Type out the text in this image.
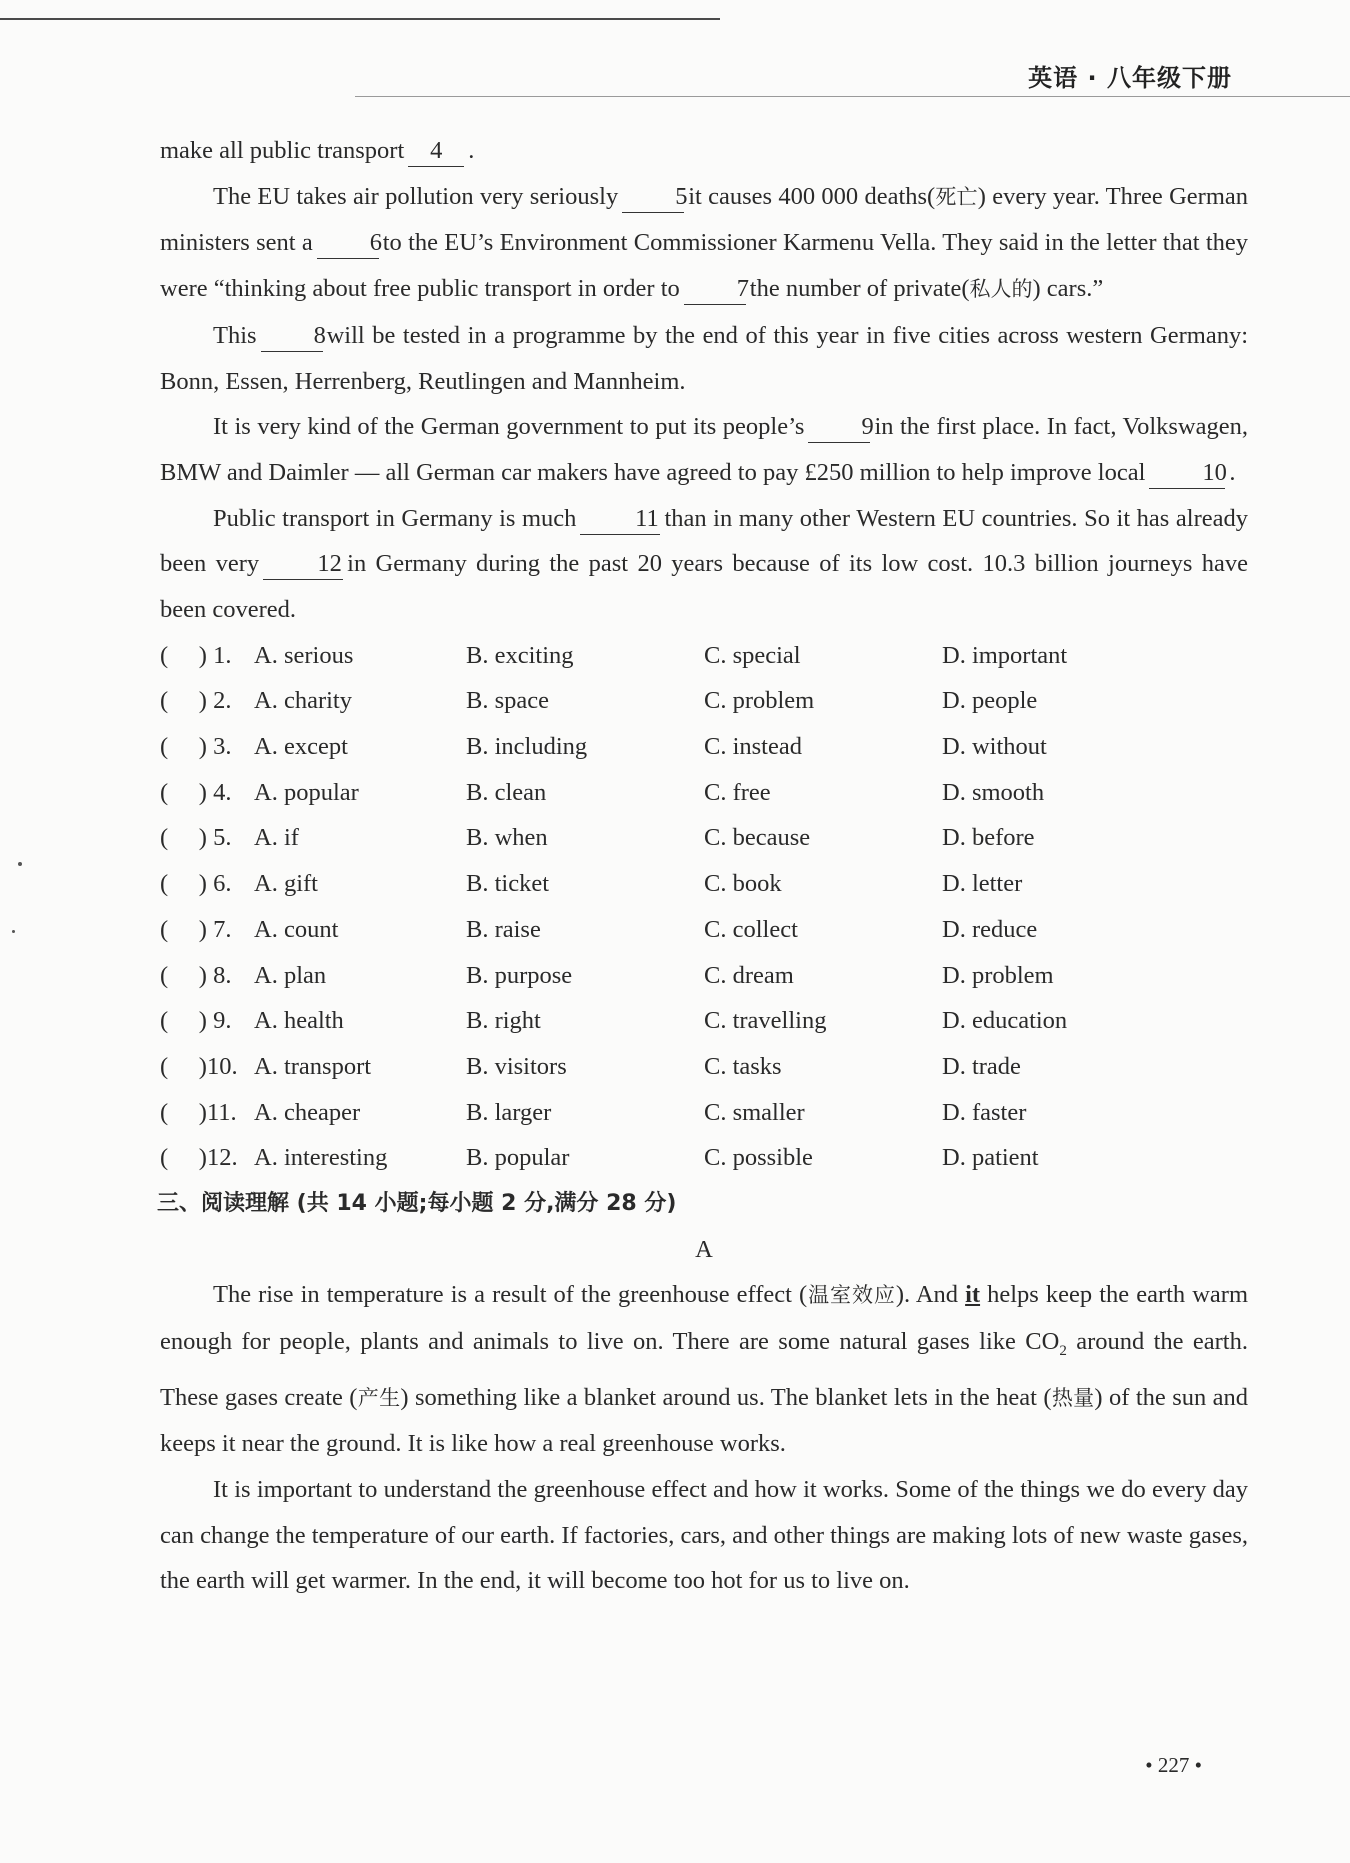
英语 · 八年级下册

make all public transport 4 .

The EU takes air pollution very seriously 5it causes 400 000 deaths(死亡) every year. Three German ministers sent a 6to the EU’s Environment Commissioner Karmenu Vella. They said in the letter that they were “thinking about free public transport in order to 7the number of private(私人的) cars.”

This 8will be tested in a programme by the end of this year in five cities across western Germany: Bonn, Essen, Herrenberg, Reutlingen and Mannheim.

It is very kind of the German government to put its people’s 9in the first place. In fact, Volkswagen, BMW and Daimler — all German car makers have agreed to pay £250 million to help improve local 10 .

Public transport in Germany is much 11 than in many other Western EU countries. So it has already been very 12 in Germany during the past 20 years because of its low cost. 10.3 billion journeys have been covered.

(     ) 1. A. serious	B. exciting	C. special	D. important
(     ) 2. A. charity	B. space	C. problem	D. people
(     ) 3. A. except	B. including	C. instead	D. without
(     ) 4. A. popular	B. clean	C. free	D. smooth
(     ) 5. A. if	B. when	C. because	D. before
(     ) 6. A. gift	B. ticket	C. book	D. letter
(     ) 7. A. count	B. raise	C. collect	D. reduce
(     ) 8. A. plan	B. purpose	C. dream	D. problem
(     ) 9. A. health	B. right	C. travelling	D. education
(     )10. A. transport	B. visitors	C. tasks	D. trade
(     )11. A. cheaper	B. larger	C. smaller	D. faster
(     )12. A. interesting	B. popular	C. possible	D. patient
三、阅读理解 (共 14 小题;每小题 2 分,满分 28 分)
A

The rise in temperature is a result of the greenhouse effect (温室效应). And it helps keep the earth warm enough for people, plants and animals to live on. There are some natural gases like $CO_2$ around the earth. These gases create (产生) something like a blanket around us. The blanket lets in the heat (热量) of the sun and keeps it near the ground. It is like how a real greenhouse works.

It is important to understand the greenhouse effect and how it works. Some of the things we do every day can change the temperature of our earth. If factories, cars, and other things are making lots of new waste gases, the earth will get warmer. In the end, it will become too hot for us to live on.

• 227 •
